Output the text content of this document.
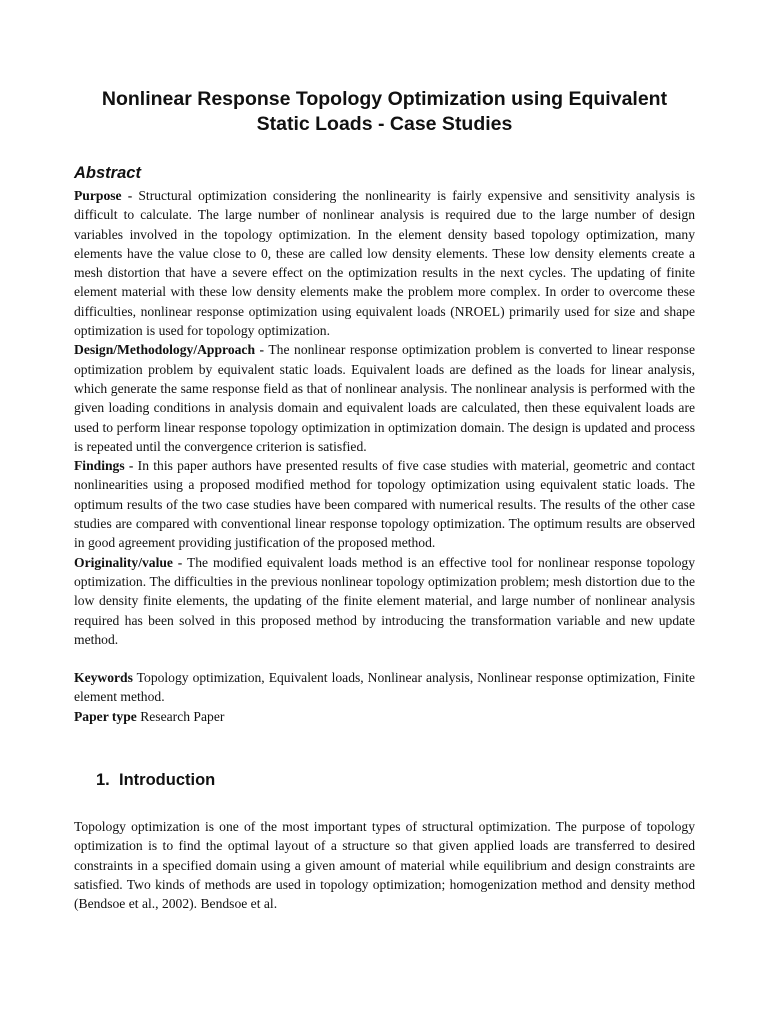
Nonlinear Response Topology Optimization using Equivalent
Static Loads - Case Studies
Abstract

Purpose - Structural optimization considering the nonlinearity is fairly expensive and sensitivity analysis is difficult to calculate. The large number of nonlinear analysis is required due to the large number of design variables involved in the topology optimization. In the element density based topology optimization, many elements have the value close to 0, these are called low density elements. These low density elements create a mesh distortion that have a severe effect on the optimization results in the next cycles. The updating of finite element material with these low density elements make the problem more complex. In order to overcome these difficulties, nonlinear response optimization using equivalent loads (NROEL) primarily used for size and shape optimization is used for topology optimization.

Design/Methodology/Approach - The nonlinear response optimization problem is converted to linear response optimization problem by equivalent static loads. Equivalent loads are defined as the loads for linear analysis, which generate the same response field as that of nonlinear analysis. The nonlinear analysis is performed with the given loading conditions in analysis domain and equivalent loads are calculated, then these equivalent loads are used to perform linear response topology optimization in optimization domain. The design is updated and process is repeated until the convergence criterion is satisfied.

Findings - In this paper authors have presented results of five case studies with material, geometric and contact nonlinearities using a proposed modified method for topology optimization using equivalent static loads. The optimum results of the two case studies have been compared with numerical results. The results of the other case studies are compared with conventional linear response topology optimization. The optimum results are observed in good agreement providing justification of the proposed method.

Originality/value - The modified equivalent loads method is an effective tool for nonlinear response topology optimization. The difficulties in the previous nonlinear topology optimization problem; mesh distortion due to the low density finite elements, the updating of the finite element material, and large number of nonlinear analysis required has been solved in this proposed method by introducing the transformation variable and new update method.

Keywords Topology optimization, Equivalent loads, Nonlinear analysis, Nonlinear response optimization, Finite element method.

Paper type Research Paper

1. Introduction

Topology optimization is one of the most important types of structural optimization. The purpose of topology optimization is to find the optimal layout of a structure so that given applied loads are transferred to desired constraints in a specified domain using a given amount of material while equilibrium and design constraints are satisfied. Two kinds of methods are used in topology optimization; homogenization method and density method (Bendsoe et al., 2002). Bendsoe et al.
